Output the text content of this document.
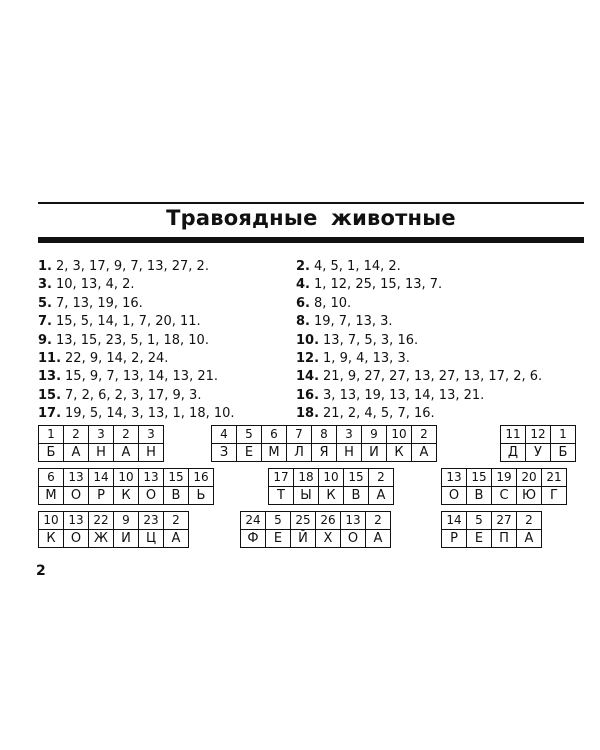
Травоядные животные
1. 2, 3, 17, 9, 7, 13, 27, 2.
3. 10, 13, 4, 2.
5. 7, 13, 19, 16.
7. 15, 5, 14, 1, 7, 20, 11.
9. 13, 15, 23, 5, 1, 18, 10.
11. 22, 9, 14, 2, 24.
13. 15, 9, 7, 13, 14, 13, 21.
15. 7, 2, 6, 2, 3, 17, 9, 3.
17. 19, 5, 14, 3, 13, 1, 18, 10.
2. 4, 5, 1, 14, 2.
4. 1, 12, 25, 15, 13, 7.
6. 8, 10.
8. 19, 7, 13, 3.
10. 13, 7, 5, 3, 16.
12. 1, 9, 4, 13, 3.
14. 21, 9, 27, 27, 13, 27, 13, 17, 2, 6.
16. 3, 13, 19, 13, 14, 13, 21.
18. 21, 2, 4, 5, 7, 16.
1	2	3	2	3
Б	А	Н	А	Н
4	5	6	7	8	3	9	10	2
З	Е	М	Л	Я	Н	И	К	А
11	12	1
Д	У	Б
6	13	14	10	13	15	16
М	О	Р	К	О	В	Ь
17	18	10	15	2
Т	Ы	К	В	А
13	15	19	20	21
О	В	С	Ю	Г
10	13	22	9	23	2
К	О	Ж	И	Ц	А
24	5	25	26	13	2
Ф	Е	Й	Х	О	А
14	5	27	2
Р	Е	П	А
2
